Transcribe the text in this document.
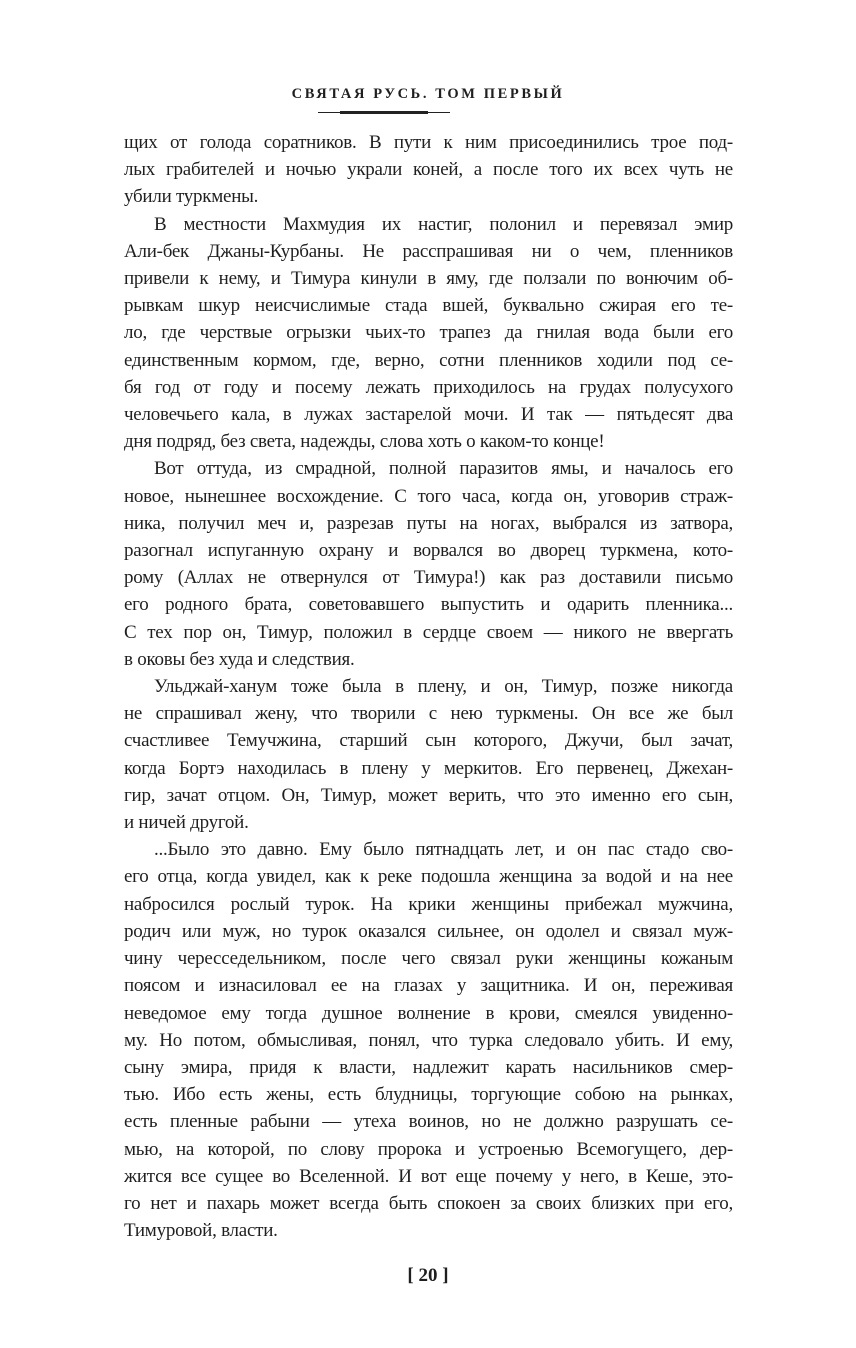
СВЯТАЯ РУСЬ. ТОМ ПЕРВЫЙ
щих от голода соратников. В пути к ним присоединились трое под-
лых грабителей и ночью украли коней, а после того их всех чуть не
убили туркмены.
В местности Махмудия их настиг, полонил и перевязал эмир
Али-бек Джаны-Курбаны. Не расспрашивая ни о чем, пленников
привели к нему, и Тимура кинули в яму, где ползали по вонючим об-
рывкам шкур неисчислимые стада вшей, буквально сжирая его те-
ло, где черствые огрызки чьих-то трапез да гнилая вода были его
единственным кормом, где, верно, сотни пленников ходили под се-
бя год от году и посему лежать приходилось на грудах полусухого
человечьего кала, в лужах застарелой мочи. И так — пятьдесят два
дня подряд, без света, надежды, слова хоть о каком-то конце!
Вот оттуда, из смрадной, полной паразитов ямы, и началось его
новое, нынешнее восхождение. С того часа, когда он, уговорив страж-
ника, получил меч и, разрезав путы на ногах, выбрался из затвора,
разогнал испуганную охрану и ворвался во дворец туркмена, кото-
рому (Аллах не отвернулся от Тимура!) как раз доставили письмо
его родного брата, советовавшего выпустить и одарить пленника...
С тех пор он, Тимур, положил в сердце своем — никого не ввергать
в оковы без худа и следствия.
Ульджай-ханум тоже была в плену, и он, Тимур, позже никогда
не спрашивал жену, что творили с нею туркмены. Он все же был
счастливее Темучжина, старший сын которого, Джучи, был зачат,
когда Бортэ находилась в плену у меркитов. Его первенец, Джехан-
гир, зачат отцом. Он, Тимур, может верить, что это именно его сын,
и ничей другой.
...Было это давно. Ему было пятнадцать лет, и он пас стадо сво-
его отца, когда увидел, как к реке подошла женщина за водой и на нее
набросился рослый турок. На крики женщины прибежал мужчина,
родич или муж, но турок оказался сильнее, он одолел и связал муж-
чину чересседельником, после чего связал руки женщины кожаным
поясом и изнасиловал ее на глазах у защитника. И он, переживая
неведомое ему тогда душное волнение в крови, смеялся увиденно-
му. Но потом, обмысливая, понял, что турка следовало убить. И ему,
сыну эмира, придя к власти, надлежит карать насильников смер-
тью. Ибо есть жены, есть блудницы, торгующие собою на рынках,
есть пленные рабыни — утеха воинов, но не должно разрушать се-
мью, на которой, по слову пророка и устроенью Всемогущего, дер-
жится все сущее во Вселенной. И вот еще почему у него, в Кеше, это-
го нет и пахарь может всегда быть спокоен за своих близких при его,
Тимуровой, власти.
[ 20 ]
